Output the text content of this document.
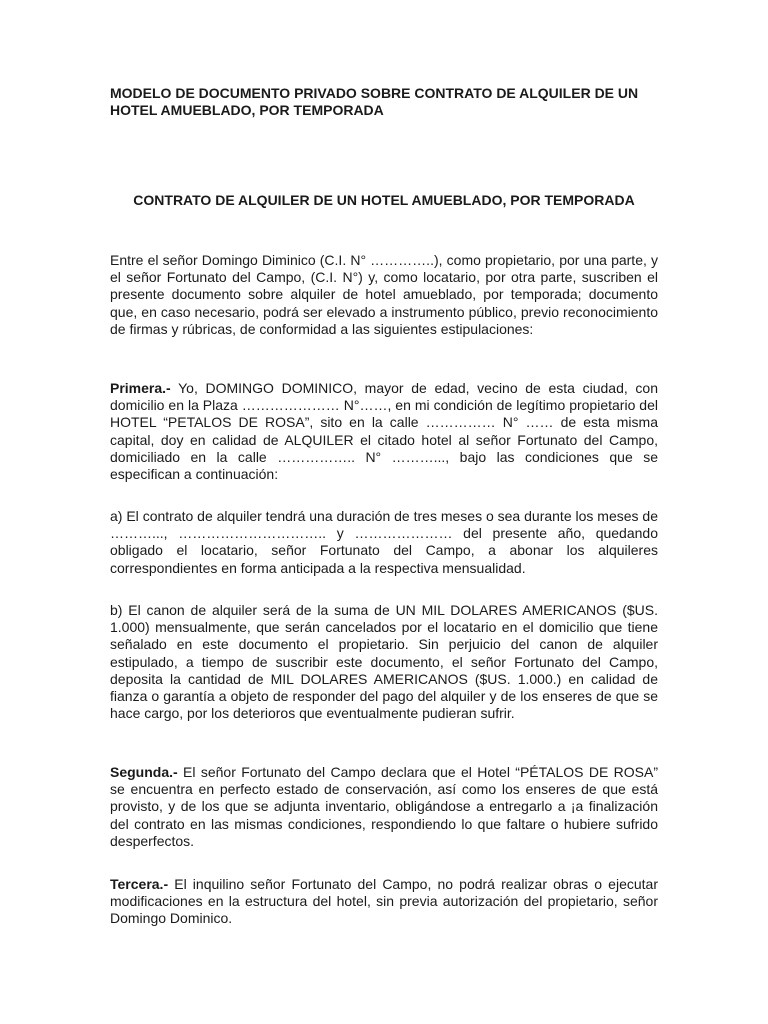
MODELO DE DOCUMENTO PRIVADO SOBRE CONTRATO DE ALQUILER DE UN HOTEL AMUEBLADO, POR TEMPORADA
CONTRATO DE ALQUILER DE UN HOTEL AMUEBLADO, POR TEMPORADA

Entre el señor Domingo Diminico (C.I. N° …………..), como propietario, por una parte, y el señor Fortunato del Campo, (C.I. N°) y, como locatario, por otra parte, suscriben el presente documento sobre alquiler de hotel amueblado, por temporada; documento que, en caso necesario, podrá ser elevado a instrumento público, previo reconocimiento de firmas y rúbricas, de conformidad a las siguientes estipulaciones:

Primera.- Yo, DOMINGO DOMINICO, mayor de edad, vecino de esta ciudad, con domicilio en la Plaza ………………… N°……, en mi condición de legítimo propietario del HOTEL “PETALOS DE ROSA”, sito en la calle …………… N° …… de esta misma capital, doy en calidad de ALQUILER el citado hotel al señor Fortunato del Campo, domiciliado en la calle …………….. N° ………..., bajo las condiciones que se especifican a continuación:

a) El contrato de alquiler tendrá una duración de tres meses o sea durante los meses de ………..., ………………………….. y ………………… del presente año, quedando obligado el locatario, señor Fortunato del Campo, a abonar los alquileres correspondientes en forma anticipada a la respectiva mensualidad.

b) El canon de alquiler será de la suma de UN MIL DOLARES AMERICANOS ($US. 1.000) mensualmente, que serán cancelados por el locatario en el domicilio que tiene señalado en este documento el propietario. Sin perjuicio del canon de alquiler estipulado, a tiempo de suscribir este documento, el señor Fortunato del Campo, deposita la cantidad de MIL DOLARES AMERICANOS ($US. 1.000.) en calidad de fianza o garantía a objeto de responder del pago del alquiler y de los enseres de que se hace cargo, por los deterioros que eventualmente pudieran sufrir.

Segunda.- El señor Fortunato del Campo declara que el Hotel “PÉTALOS DE ROSA” se encuentra en perfecto estado de conservación, así como los enseres de que está provisto, y de los que se adjunta inventario, obligándose a entregarlo a ¡a finalización del contrato en las mismas condiciones, respondiendo lo que faltare o hubiere sufrido desperfectos.

Tercera.- El inquilino señor Fortunato del Campo, no podrá realizar obras o ejecutar modificaciones en la estructura del hotel, sin previa autorización del propietario, señor Domingo Dominico.
